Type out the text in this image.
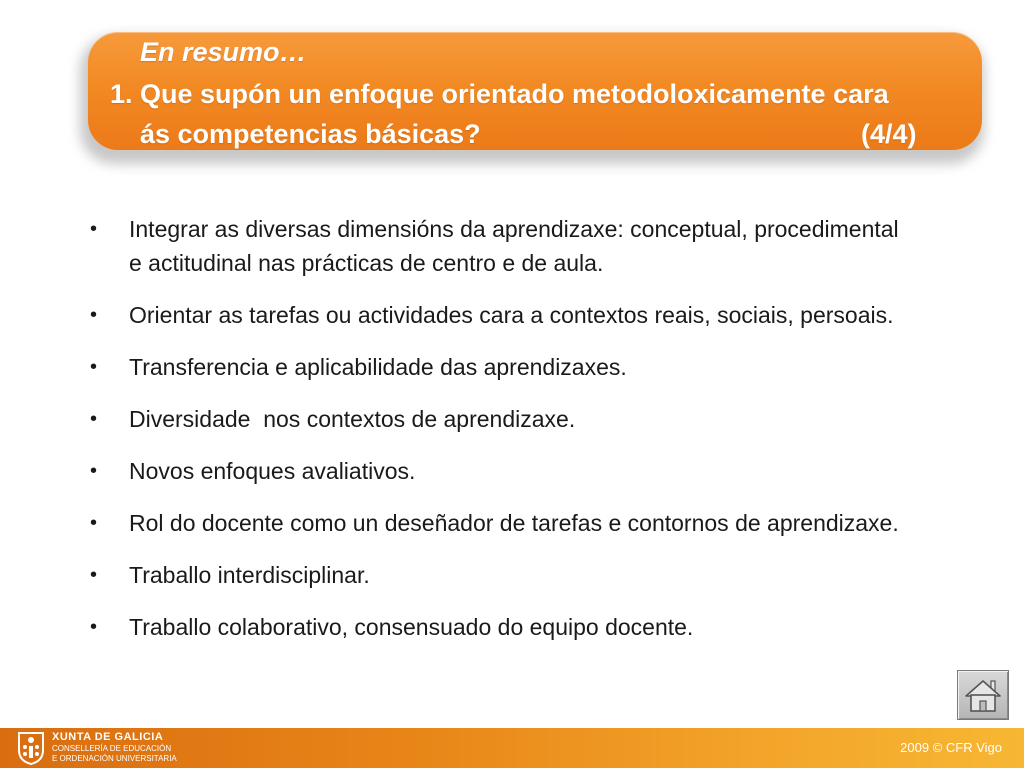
En resumo…
1. Que supón un enfoque orientado metodoloxicamente cara
ás competencias básicas?	(4/4)
• Integrar as diversas dimensións da aprendizaxe: conceptual, procedimental
e actitudinal nas prácticas de centro e de aula.
• Orientar as tarefas ou actividades cara a contextos reais, sociais, persoais.
• Transferencia e aplicabilidade das aprendizaxes.
• Diversidade  nos contextos de aprendizaxe.
• Novos enfoques avaliativos.
• Rol do docente como un deseñador de tarefas e contornos de aprendizaxe.
• Traballo interdisciplinar.
• Traballo colaborativo, consensuado do equipo docente.
XUNTA DE GALICIA
CONSELLERÍA DE EDUCACIÓN
E ORDENACIÓN UNIVERSITARIA
2009 © CFR Vigo
